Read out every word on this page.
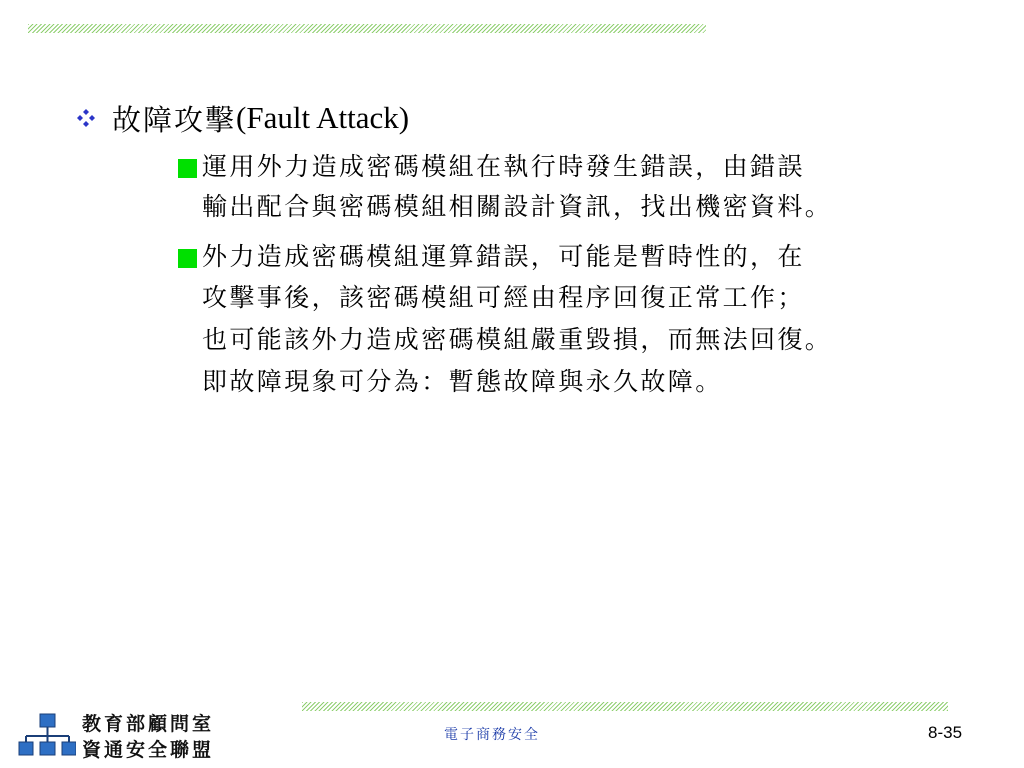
故障攻擊 (Fault Attack)
運用外力造成密碼模組在執行時發生錯誤，由錯誤
輸出配合與密碼模組相關設計資訊，找出機密資料。
外力造成密碼模組運算錯誤，可能是暫時性的，在
攻擊事後，該密碼模組可經由程序回復正常工作；
也可能該外力造成密碼模組嚴重毀損，而無法回復。
即故障現象可分為：暫態故障與永久故障。
教育部顧問室
資通安全聯盟
電子商務安全	8-35
